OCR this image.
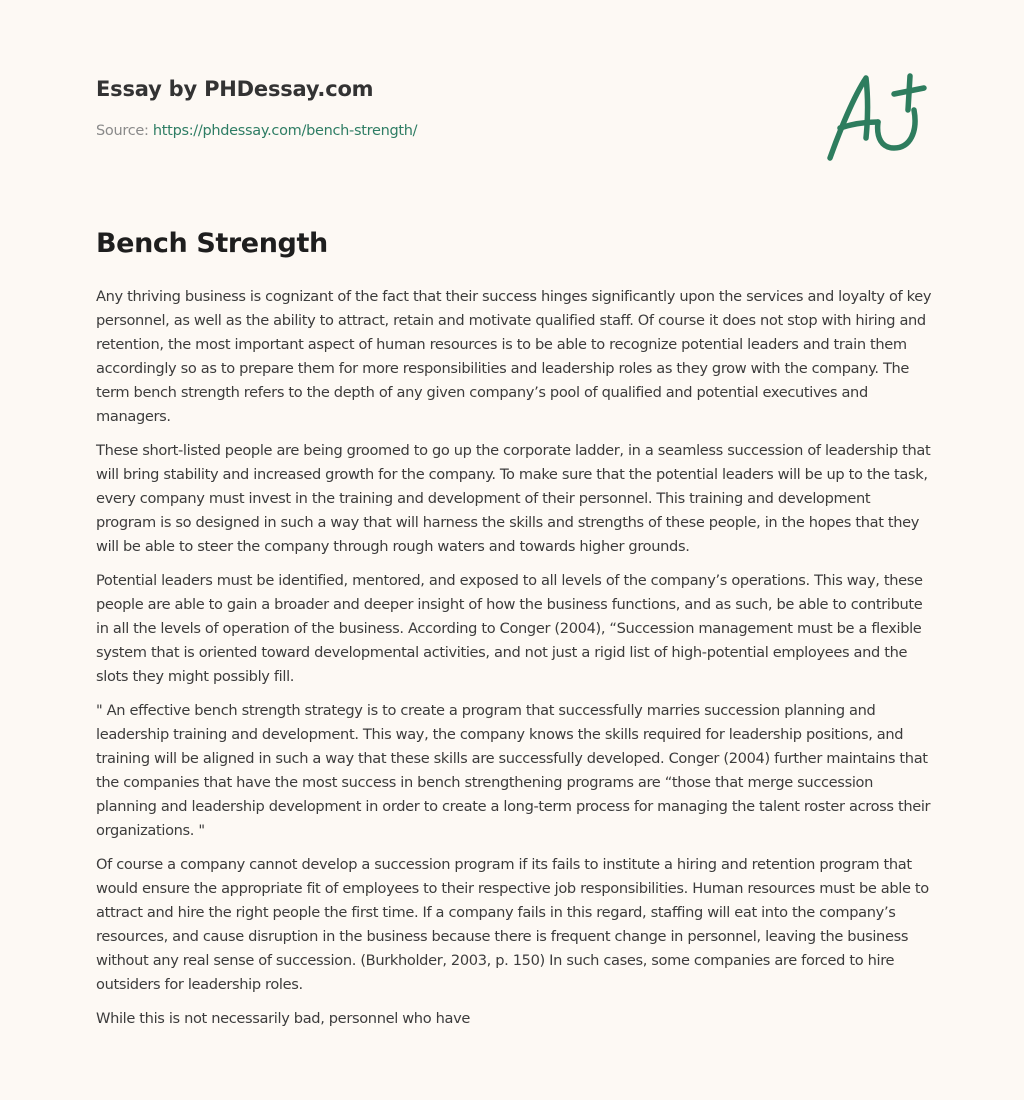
Essay by PHDessay.com
Source: https://phdessay.com/bench-strength/
Bench Strength

Any thriving business is cognizant of the fact that their success hinges significantly upon the services and loyalty of key personnel, as well as the ability to attract, retain and motivate qualified staff. Of course it does not stop with hiring and retention, the most important aspect of human resources is to be able to recognize potential leaders and train them accordingly so as to prepare them for more responsibilities and leadership roles as they grow with the company. The term bench strength refers to the depth of any given company’s pool of qualified and potential executives and managers.

These short-listed people are being groomed to go up the corporate ladder, in a seamless succession of leadership that will bring stability and increased growth for the company. To make sure that the potential leaders will be up to the task, every company must invest in the training and development of their personnel. This training and development program is so designed in such a way that will harness the skills and strengths of these people, in the hopes that they will be able to steer the company through rough waters and towards higher grounds.

Potential leaders must be identified, mentored, and exposed to all levels of the company’s operations. This way, these people are able to gain a broader and deeper insight of how the business functions, and as such, be able to contribute in all the levels of operation of the business. According to Conger (2004), “Succession management must be a flexible system that is oriented toward developmental activities, and not just a rigid list of high-potential employees and the slots they might possibly fill.

" An effective bench strength strategy is to create a program that successfully marries succession planning and leadership training and development. This way, the company knows the skills required for leadership positions, and training will be aligned in such a way that these skills are successfully developed. Conger (2004) further maintains that the companies that have the most success in bench strengthening programs are “those that merge succession planning and leadership development in order to create a long-term process for managing the talent roster across their organizations. "

Of course a company cannot develop a succession program if its fails to institute a hiring and retention program that would ensure the appropriate fit of employees to their respective job responsibilities. Human resources must be able to attract and hire the right people the first time. If a company fails in this regard, staffing will eat into the company’s resources, and cause disruption in the business because there is frequent change in personnel, leaving the business without any real sense of succession. (Burkholder, 2003, p. 150) In such cases, some companies are forced to hire outsiders for leadership roles.

While this is not necessarily bad, personnel who have
